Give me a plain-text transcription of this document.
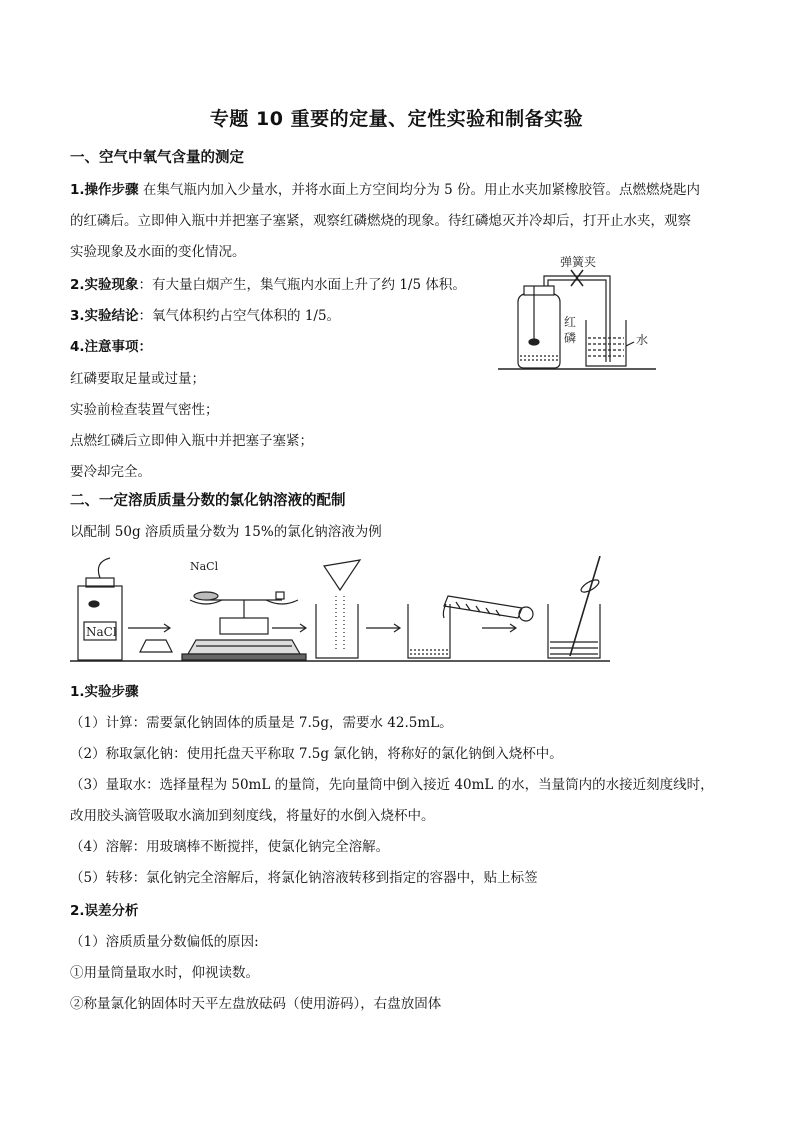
专题 10 重要的定量、定性实验和制备实验
一、空气中氧气含量的测定
1.操作步骤 在集气瓶内加入少量水，并将水面上方空间均分为 5 份。用止水夹加紧橡胶管。点燃燃烧匙内
的红磷后。立即伸入瓶中并把塞子塞紧，观察红磷燃烧的现象。待红磷熄灭并冷却后，打开止水夹，观察
实验现象及水面的变化情况。
2.实验现象：有大量白烟产生，集气瓶内水面上升了约 1/5 体积。
3.实验结论：氧气体积约占空气体积的 1/5。
4.注意事项：
红磷要取足量或过量；
实验前检查装置气密性；
点燃红磷后立即伸入瓶中并把塞子塞紧；
要冷却完全。
弹簧夹
红
磷	水
二、一定溶质质量分数的氯化钠溶液的配制
以配制 50g 溶质质量分数为 15%的氯化钠溶液为例
NaCl
NaCl
1.实验步骤
（1）计算：需要氯化钠固体的质量是 7.5g，需要水 42.5mL。
（2）称取氯化钠：使用托盘天平称取 7.5g 氯化钠，将称好的氯化钠倒入烧杯中。
（3）量取水：选择量程为 50mL 的量筒，先向量筒中倒入接近 40mL 的水，当量筒内的水接近刻度线时，
改用胶头滴管吸取水滴加到刻度线，将量好的水倒入烧杯中。
（4）溶解：用玻璃棒不断搅拌，使氯化钠完全溶解。
（5）转移：氯化钠完全溶解后，将氯化钠溶液转移到指定的容器中，贴上标签
2.误差分析
（1）溶质质量分数偏低的原因:
①用量筒量取水时，仰视读数。
②称量氯化钠固体时天平左盘放砝码（使用游码），右盘放固体
